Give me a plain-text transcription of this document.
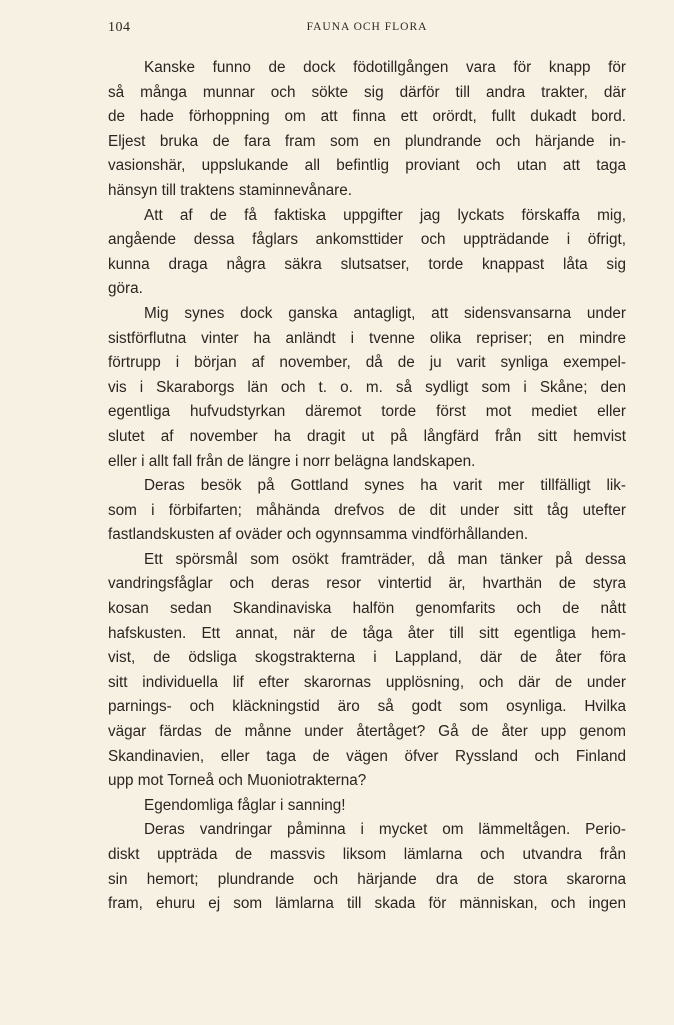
104	FAUNA OCH FLORA
Kanske funno de dock födotillgången vara för knapp för
så många munnar och sökte sig därför till andra trakter, där
de hade förhoppning om att finna ett orördt, fullt dukadt bord.
Eljest bruka de fara fram som en plundrande och härjande in-
vasionshär, uppslukande all befintlig proviant och utan att taga
hänsyn till traktens staminnevånare.
Att af de få faktiska uppgifter jag lyckats förskaffa mig,
angående dessa fåglars ankomsttider och uppträdande i öfrigt,
kunna draga några säkra slutsatser, torde knappast låta sig
göra.
Mig synes dock ganska antagligt, att sidensvansarna under
sistförflutna vinter ha anländt i tvenne olika repriser; en mindre
förtrupp i början af november, då de ju varit synliga exempel-
vis i Skaraborgs län och t. o. m. så sydligt som i Skåne; den
egentliga hufvudstyrkan däremot torde först mot mediet eller
slutet af november ha dragit ut på långfärd från sitt hemvist
eller i allt fall från de längre i norr belägna landskapen.
Deras besök på Gottland synes ha varit mer tillfälligt lik-
som i förbifarten; måhända drefvos de dit under sitt tåg utefter
fastlandskusten af oväder och ogynnsamma vindförhållanden.
Ett spörsmål som osökt framträder, då man tänker på dessa
vandringsfåglar och deras resor vintertid är, hvarthän de styra
kosan sedan Skandinaviska halfön genomfarits och de nått
hafskusten. Ett annat, när de tåga åter till sitt egentliga hem-
vist, de ödsliga skogstrakterna i Lappland, där de åter föra
sitt individuella lif efter skarornas upplösning, och där de under
parnings- och kläckningstid äro så godt som osynliga. Hvilka
vägar färdas de månne under återtåget? Gå de åter upp genom
Skandinavien, eller taga de vägen öfver Ryssland och Finland
upp mot Torneå och Muoniotrakterna?
Egendomliga fåglar i sanning!
Deras vandringar påminna i mycket om lämmeltågen. Perio-
diskt uppträda de massvis liksom lämlarna och utvandra från
sin hemort; plundrande och härjande dra de stora skarorna
fram, ehuru ej som lämlarna till skada för människan, och ingen
